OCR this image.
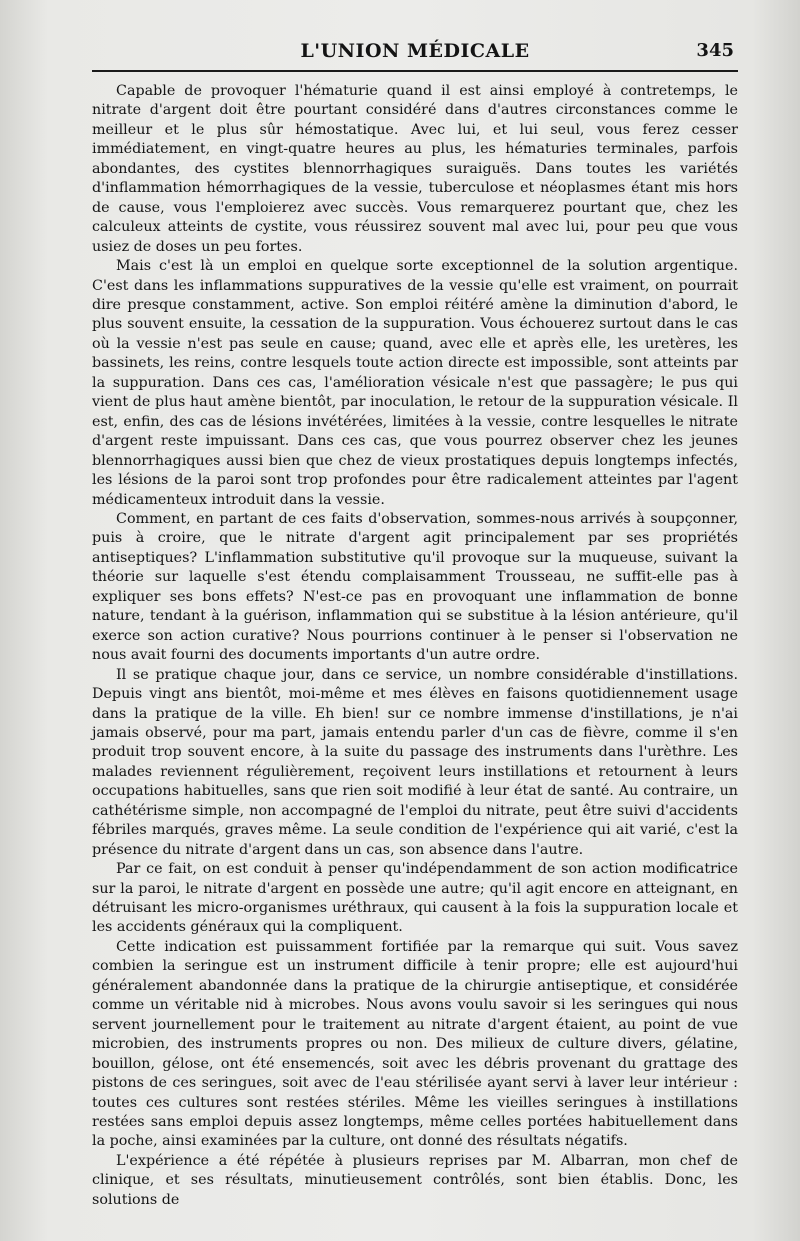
L'UNION MÉDICALE	345

Capable de provoquer l'hématurie quand il est ainsi employé à contretemps, le nitrate d'argent doit être pourtant considéré dans d'autres circonstances comme le meilleur et le plus sûr hémostatique. Avec lui, et lui seul, vous ferez cesser immédiatement, en vingt-quatre heures au plus, les hématuries terminales, parfois abondantes, des cystites blennorrhagiques suraiguës. Dans toutes les variétés d'inflammation hémorrhagiques de la vessie, tuberculose et néoplasmes étant mis hors de cause, vous l'emploierez avec succès. Vous remarquerez pourtant que, chez les calculeux atteints de cystite, vous réussirez souvent mal avec lui, pour peu que vous usiez de doses un peu fortes.

Mais c'est là un emploi en quelque sorte exceptionnel de la solution argentique. C'est dans les inflammations suppuratives de la vessie qu'elle est vraiment, on pourrait dire presque constamment, active. Son emploi réitéré amène la diminution d'abord, le plus souvent ensuite, la cessation de la suppuration. Vous échouerez surtout dans le cas où la vessie n'est pas seule en cause; quand, avec elle et après elle, les uretères, les bassinets, les reins, contre lesquels toute action directe est impossible, sont atteints par la suppuration. Dans ces cas, l'amélioration vésicale n'est que passagère; le pus qui vient de plus haut amène bientôt, par inoculation, le retour de la suppuration vésicale. Il est, enfin, des cas de lésions invétérées, limitées à la vessie, contre lesquelles le nitrate d'argent reste impuissant. Dans ces cas, que vous pourrez observer chez les jeunes blennorrhagiques aussi bien que chez de vieux prostatiques depuis longtemps infectés, les lésions de la paroi sont trop profondes pour être radicalement atteintes par l'agent médicamenteux introduit dans la vessie.

Comment, en partant de ces faits d'observation, sommes-nous arrivés à soupçonner, puis à croire, que le nitrate d'argent agit principalement par ses propriétés antiseptiques? L'inflammation substitutive qu'il provoque sur la muqueuse, suivant la théorie sur laquelle s'est étendu complaisamment Trousseau, ne suffit-elle pas à expliquer ses bons effets? N'est-ce pas en provoquant une inflammation de bonne nature, tendant à la guérison, inflammation qui se substitue à la lésion antérieure, qu'il exerce son action curative? Nous pourrions continuer à le penser si l'observation ne nous avait fourni des documents importants d'un autre ordre.

Il se pratique chaque jour, dans ce service, un nombre considérable d'instillations. Depuis vingt ans bientôt, moi-même et mes élèves en faisons quotidiennement usage dans la pratique de la ville. Eh bien! sur ce nombre immense d'instillations, je n'ai jamais observé, pour ma part, jamais entendu parler d'un cas de fièvre, comme il s'en produit trop souvent encore, à la suite du passage des instruments dans l'urèthre. Les malades reviennent régulièrement, reçoivent leurs instillations et retournent à leurs occupations habituelles, sans que rien soit modifié à leur état de santé. Au contraire, un cathétérisme simple, non accompagné de l'emploi du nitrate, peut être suivi d'accidents fébriles marqués, graves même. La seule condition de l'expérience qui ait varié, c'est la présence du nitrate d'argent dans un cas, son absence dans l'autre.

Par ce fait, on est conduit à penser qu'indépendamment de son action modificatrice sur la paroi, le nitrate d'argent en possède une autre; qu'il agit encore en atteignant, en détruisant les micro-organismes uréthraux, qui causent à la fois la suppuration locale et les accidents généraux qui la compliquent.

Cette indication est puissamment fortifiée par la remarque qui suit. Vous savez combien la seringue est un instrument difficile à tenir propre; elle est aujourd'hui généralement abandonnée dans la pratique de la chirurgie antiseptique, et considérée comme un véritable nid à microbes. Nous avons voulu savoir si les seringues qui nous servent journellement pour le traitement au nitrate d'argent étaient, au point de vue microbien, des instruments propres ou non. Des milieux de culture divers, gélatine, bouillon, gélose, ont été ensemencés, soit avec les débris provenant du grattage des pistons de ces seringues, soit avec de l'eau stérilisée ayant servi à laver leur intérieur : toutes ces cultures sont restées stériles. Même les vieilles seringues à instillations restées sans emploi depuis assez longtemps, même celles portées habituellement dans la poche, ainsi examinées par la culture, ont donné des résultats négatifs.

L'expérience a été répétée à plusieurs reprises par M. Albarran, mon chef de clinique, et ses résultats, minutieusement contrôlés, sont bien établis. Donc, les solutions de
